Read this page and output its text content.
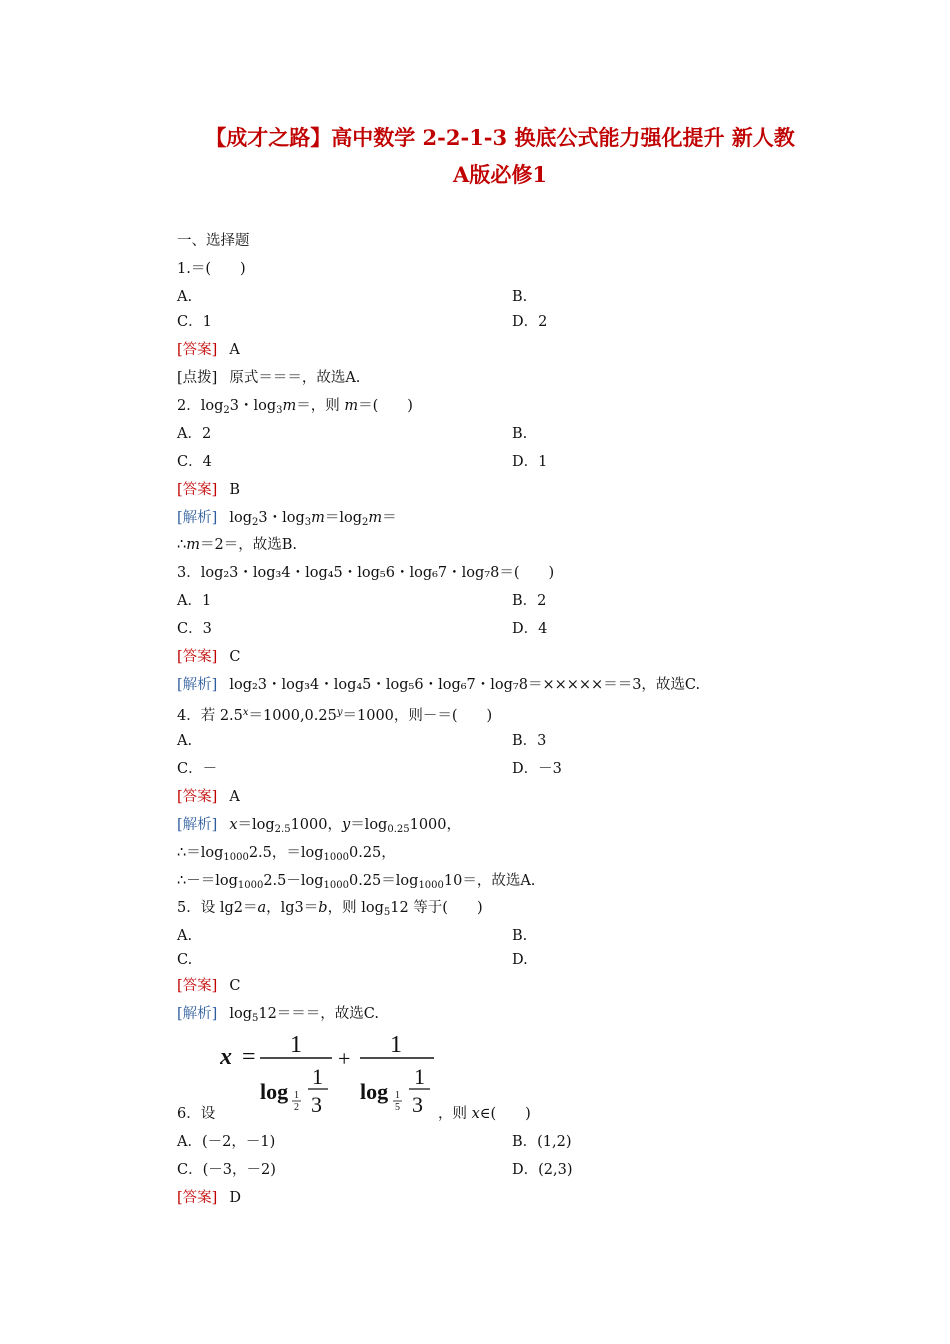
【成才之路】高中数学 2-2-1-3 换底公式能力强化提升 新人教
A版必修1
一、选择题
1.＝(　　)
A.	B.
C．1	D．2
[答案] A
[点拨] 原式＝＝＝，故选A.
2．$\log_23$・$\log_3m=$，则 m＝(　　)
A．2	B.
C．4	D．1
[答案] B
[解析] $\log_23$・$\log_3m=\log_2m=$
∴m＝2＝，故选B.
3．log₂3・log₃4・log₄5・log₅6・log₆7・log₇8＝(　　)
A．1	B．2
C．3	D．4
[答案] C
[解析] log₂3・log₃4・log₄5・log₅6・log₆7・log₇8＝×××××＝＝3，故选C.
4．若 $2.5^x=1000,0.25^y=1000$，则－＝(　　)
A.	B．3
C．－	D．－3
[答案] A
[解析] $x=\log_{2.5}1000$，$y=\log_{0.25}1000$，
$\therefore=\log_{1000}2.5$，$=\log_{1000}0.25$，
$\therefore-=\log_{1000}2.5-\log_{1000}0.25=\log_{1000}10=$，故选A.
5．设 lg2＝a，lg3＝b，则 $\log_512$ 等于(　　)
A.	B.
C.	D.
[答案] C
[解析] $\log_512===$，故选C.
x = 1
log 1
2
1
3
+
1
log 1
5
1
3
6．设	，则 x∈(　　)
A．(－2，－1)	B．(1,2)
C．(－3，－2)	D．(2,3)
[答案] D
